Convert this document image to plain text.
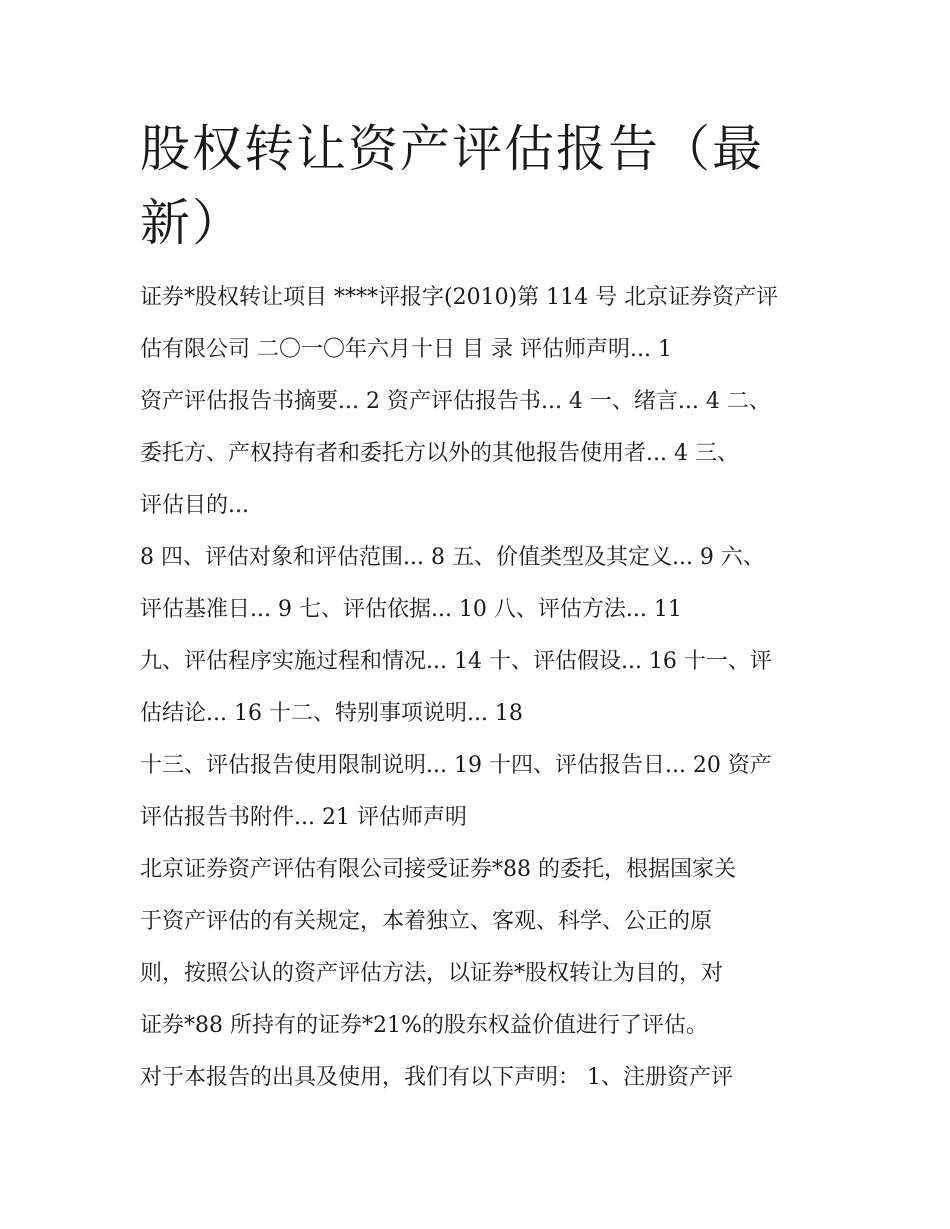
股权转让资产评估报告（最
新）

证券*股权转让项目 ****评报字(2010)第 114 号 北京证券资产评
估有限公司 二〇一〇年六月十日 目 录 评估师声明... 1

资产评估报告书摘要... 2 资产评估报告书... 4 一、绪言... 4 二、
委托方、产权持有者和委托方以外的其他报告使用者... 4 三、
评估目的...

8 四、评估对象和评估范围... 8 五、价值类型及其定义... 9 六、
评估基准日... 9 七、评估依据... 10 八、评估方法... 11

九、评估程序实施过程和情况... 14 十、评估假设... 16 十一、评
估结论... 16 十二、特别事项说明... 18

十三、评估报告使用限制说明... 19 十四、评估报告日... 20 资产
评估报告书附件... 21 评估师声明

北京证券资产评估有限公司接受证券*88 的委托，根据国家关
于资产评估的有关规定，本着独立、客观、科学、公正的原
则，按照公认的资产评估方法，以证券*股权转让为目的，对
证券*88 所持有的证券*21%的股东权益价值进行了评估。

对于本报告的出具及使用，我们有以下声明： 1、注册资产评
